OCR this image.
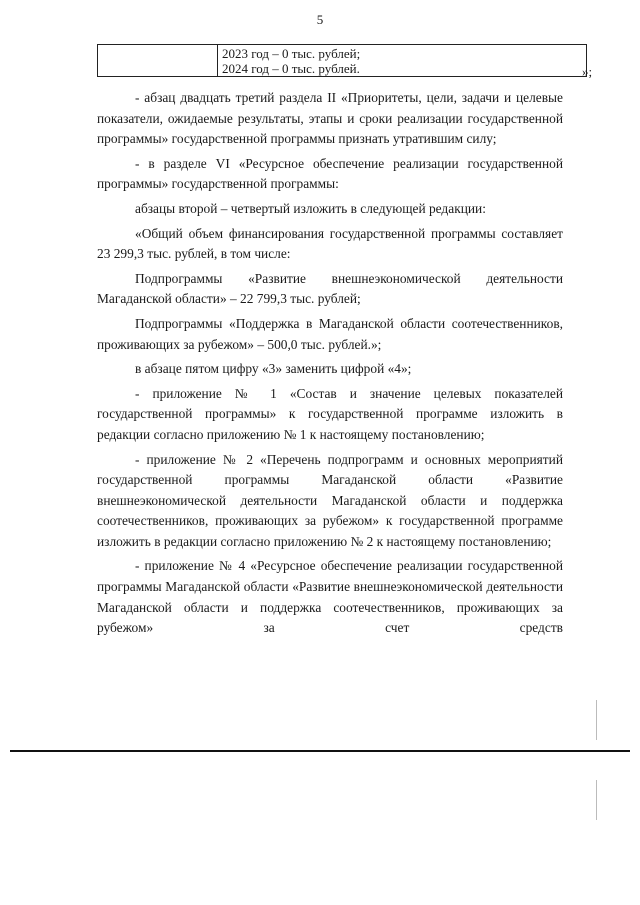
5

2023 год – 0 тыс. рублей;
2024 год – 0 тыс. рублей.	»;

- абзац двадцать третий раздела II «Приоритеты, цели, задачи и целевые показатели, ожидаемые результаты, этапы и сроки реализации государственной программы» государственной программы признать утратившим силу;

- в разделе VI «Ресурсное обеспечение реализации государственной программы» государственной программы:

абзацы второй – четвертый изложить в следующей редакции:

«Общий объем финансирования государственной программы составляет 23 299,3 тыс. рублей, в том числе:

Подпрограммы «Развитие внешнеэкономической деятельности Магаданской области» – 22 799,3 тыс. рублей;

Подпрограммы «Поддержка в Магаданской области соотечественников, проживающих за рубежом» – 500,0 тыс. рублей.»;

в абзаце пятом цифру «3» заменить цифрой «4»;

- приложение № 1 «Состав и значение целевых показателей государственной программы» к государственной программе изложить в редакции согласно приложению № 1 к настоящему постановлению;

- приложение № 2 «Перечень подпрограмм и основных мероприятий государственной программы Магаданской области «Развитие внешнеэкономической деятельности Магаданской области и поддержка соотечественников, проживающих за рубежом» к государственной программе изложить в редакции согласно приложению № 2 к настоящему постановлению;

- приложение № 4 «Ресурсное обеспечение реализации государственной программы Магаданской области «Развитие внешнеэкономической деятельности Магаданской области и поддержка соотечественников, проживающих за рубежом» за счет средств
